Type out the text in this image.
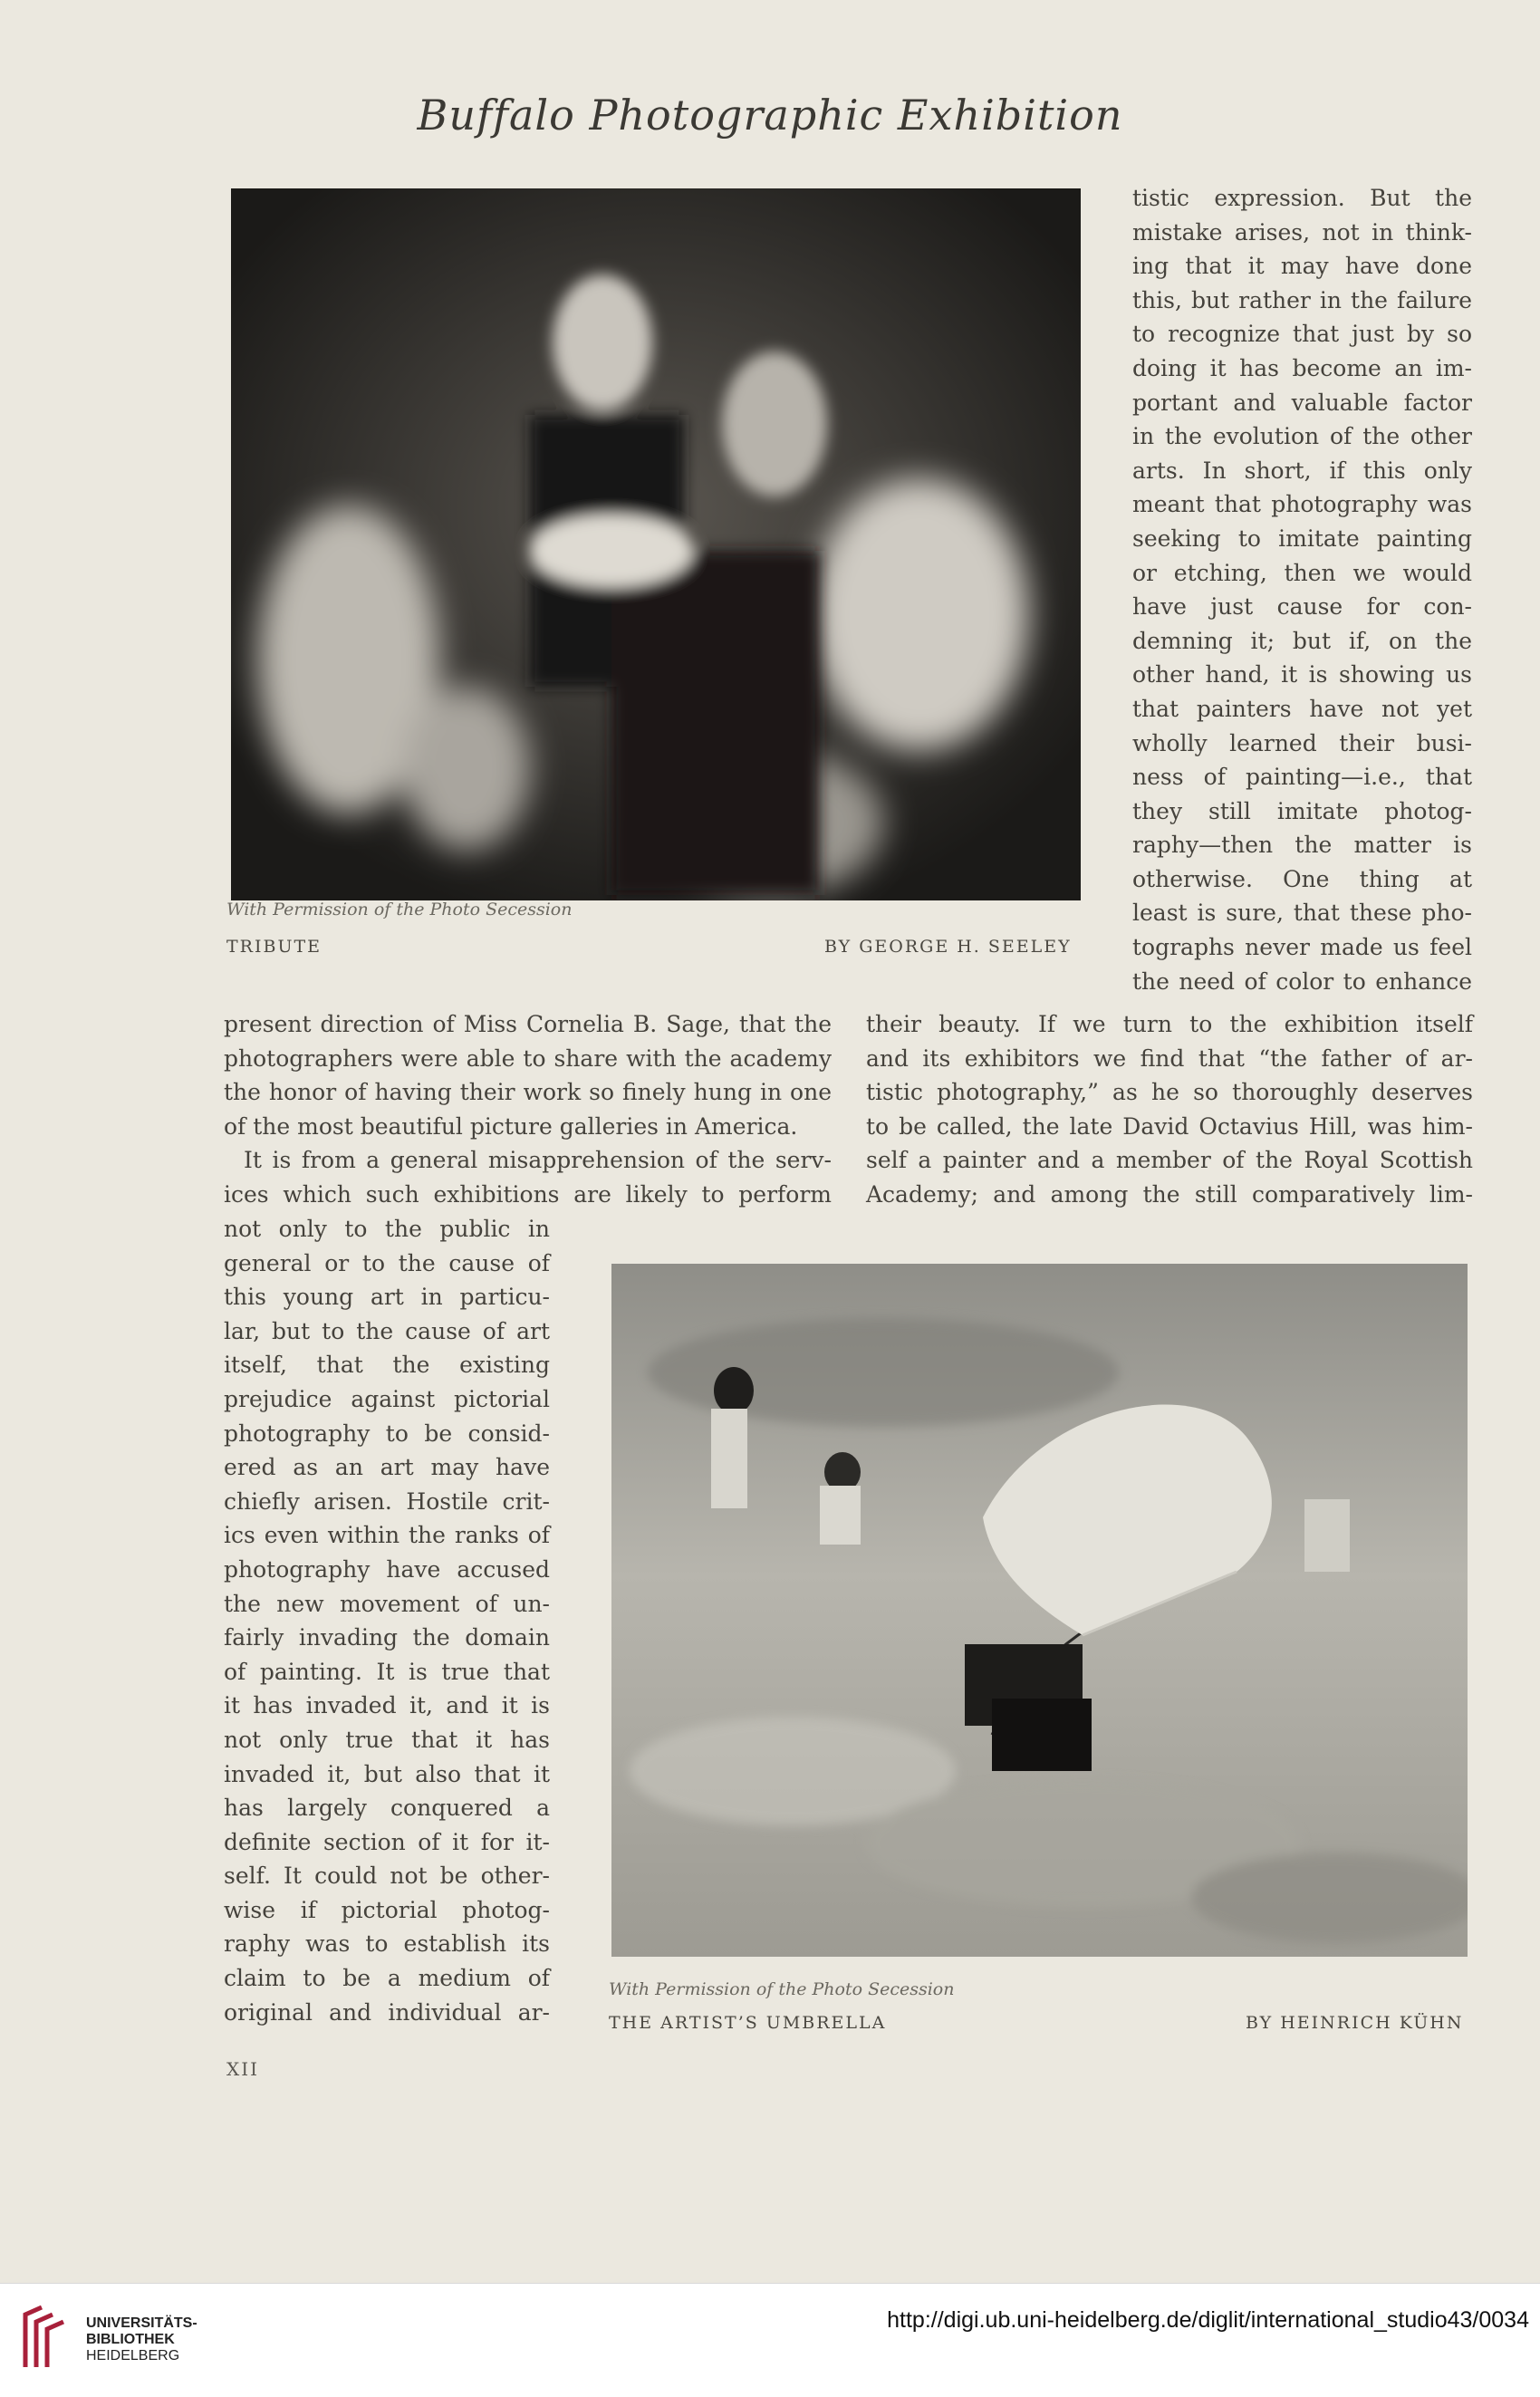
Buffalo Photographic Exhibition
With Permission of the Photo Secession
TRIBUTE	BY GEORGE H. SEELEY
tistic expression. But the
mistake arises, not in think-
ing that it may have done
this, but rather in the failure
to recognize that just by so
doing it has become an im-
portant and valuable factor
in the evolution of the other
arts. In short, if this only
meant that photography was
seeking to imitate painting
or etching, then we would
have just cause for con-
demning it; but if, on the
other hand, it is showing us
that painters have not yet
wholly learned their busi-
ness of painting—i.e., that
they still imitate photog-
raphy—then the matter is
otherwise. One thing at
least is sure, that these pho-
tographs never made us feel
the need of color to enhance
present direction of Miss Cornelia B. Sage, that the
photographers were able to share with the academy
the honor of having their work so finely hung in one
of the most beautiful picture galleries in America.
It is from a general misapprehension of the serv-
ices which such exhibitions are likely to perform
their beauty. If we turn to the exhibition itself
and its exhibitors we find that “the father of ar-
tistic photography,” as he so thoroughly deserves
to be called, the late David Octavius Hill, was him-
self a painter and a member of the Royal Scottish
Academy; and among the still comparatively lim-
not only to the public in
general or to the cause of
this young art in particu-
lar, but to the cause of art
itself, that the existing
prejudice against pictorial
photography to be consid-
ered as an art may have
chiefly arisen. Hostile crit-
ics even within the ranks of
photography have accused
the new movement of un-
fairly invading the domain
of painting. It is true that
it has invaded it, and it is
not only true that it has
invaded it, but also that it
has largely conquered a
definite section of it for it-
self. It could not be other-
wise if pictorial photog-
raphy was to establish its
claim to be a medium of
original and individual ar-
With Permission of the Photo Secession
THE ARTIST’S UMBRELLA	BY HEINRICH KÜHN
XII
UNIVERSITÄTS-
BIBLIOTHEK
HEIDELBERG
http://digi.ub.uni-heidelberg.de/diglit/international_studio43/0034
